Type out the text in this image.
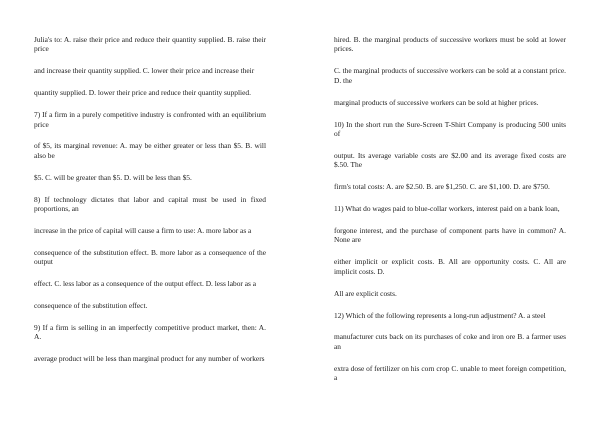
Julia's to: A. raise their price and reduce their quantity supplied. B. raise their price

and increase their quantity supplied. C. lower their price and increase their

quantity supplied. D. lower their price and reduce their quantity supplied.

7) If a firm in a purely competitive industry is confronted with an equilibrium price

of $5, its marginal revenue: A. may be either greater or less than $5. B. will also be

$5. C. will be greater than $5. D. will be less than $5.

8) If technology dictates that labor and capital must be used in fixed proportions, an

increase in the price of capital will cause a firm to use: A. more labor as a

consequence of the substitution effect. B. more labor as a consequence of the output

effect. C. less labor as a consequence of the output effect. D. less labor as a

consequence of the substitution effect.

9) If a firm is selling in an imperfectly competitive product market, then: A. A.

average product will be less than marginal product for any number of workers

hired. B. the marginal products of successive workers must be sold at lower prices.

C. the marginal products of successive workers can be sold at a constant price. D. the

marginal products of successive workers can be sold at higher prices.

10) In the short run the Sure-Screen T-Shirt Company is producing 500 units of

output. Its average variable costs are $2.00 and its average fixed costs are $.50. The

firm's total costs: A. are $2.50. B. are $1,250. C. are $1,100. D. are $750.

11) What do wages paid to blue-collar workers, interest paid on a bank loan,

forgone interest, and the purchase of component parts have in common? A. None are

either implicit or explicit costs. B. All are opportunity costs. C. All are implicit costs. D.

All are explicit costs.

12) Which of the following represents a long-run adjustment? A. a steel

manufacturer cuts back on its purchases of coke and iron ore B. a farmer uses an

extra dose of fertilizer on his corn crop C. unable to meet foreign competition, a
